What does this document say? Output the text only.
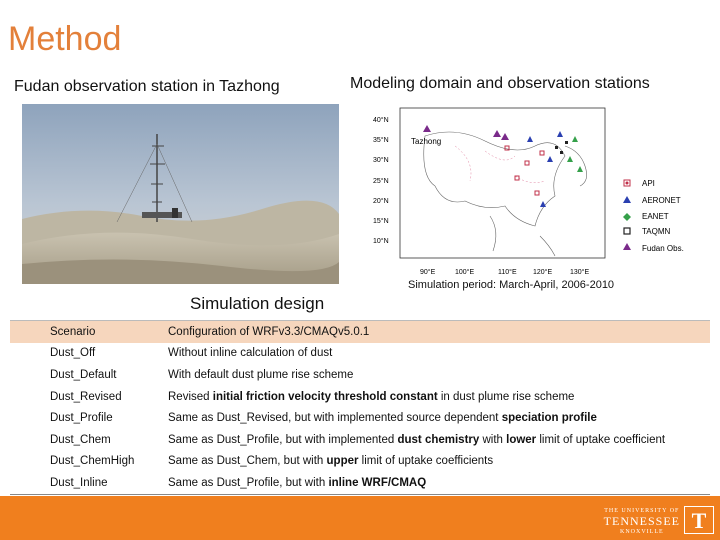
Method
Fudan observation station in Tazhong	Modeling domain and observation stations
40°N
35°N
30°N
25°N
20°N
15°N
10°N
90°E	100°E	110°E 120°E	130°E
Tazhong
API
AERONET
EANET
TAQMN
Fudan Obs.
Simulation period: March-April, 2006-2010
Simulation design
Scenario	Configuration of WRFv3.3/CMAQv5.0.1
Dust_Off	Without inline calculation of dust
Dust_Default	With default dust plume rise scheme
Dust_Revised	Revised initial friction velocity threshold constant in dust plume rise scheme
Dust_Profile	Same as Dust_Revised, but with implemented source dependent speciation profile
Dust_Chem	Same as Dust_Profile, but with implemented dust chemistry with lower limit of uptake coefficient
Dust_ChemHigh	Same as Dust_Chem, but with upper limit of uptake coefficients
Dust_Inline	Same as Dust_Profile, but with inline WRF/CMAQ
THE UNIVERSITY OF
TENNESSEE
KNOXVILLE	T
